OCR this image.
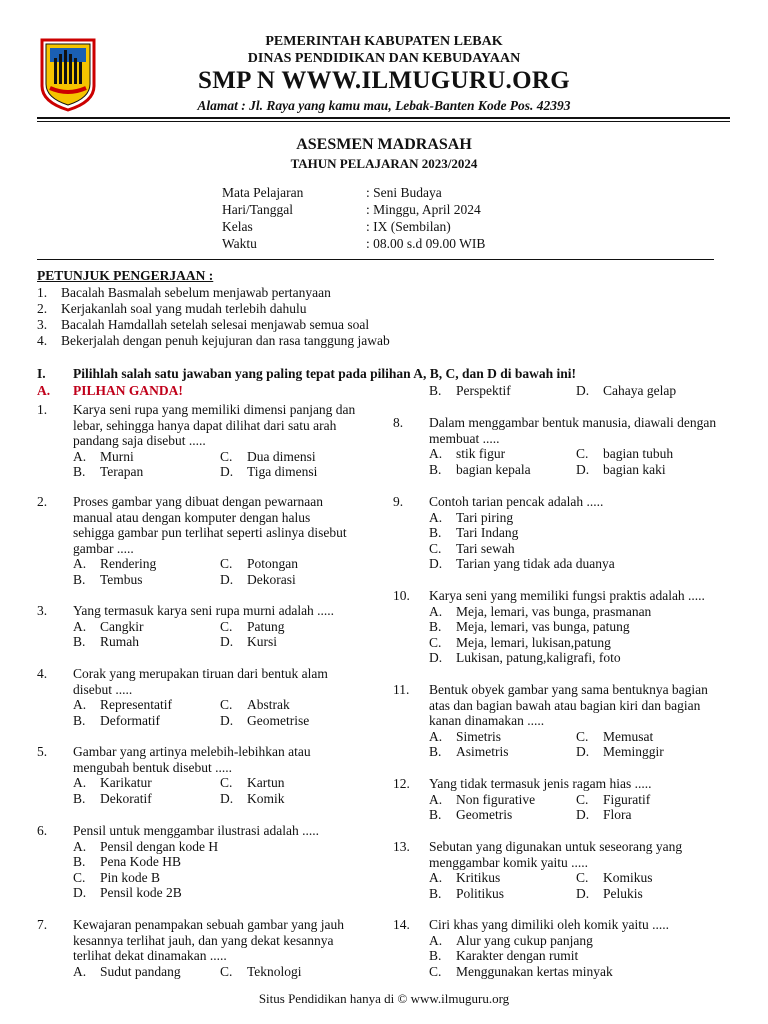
PEMERINTAH KABUPATEN LEBAK
DINAS PENDIDIKAN DAN KEBUDAYAAN
SMP N WWW.ILMUGURU.ORG
Alamat : Jl. Raya yang kamu mau, Lebak-Banten Kode Pos. 42393
ASESMEN MADRASAH
TAHUN PELAJARAN 2023/2024
Mata Pelajaran	: Seni Budaya
Hari/Tanggal	: Minggu, April 2024
Kelas	: IX (Sembilan)
Waktu	: 08.00 s.d 09.00 WIB
PETUNJUK PENGERJAAN :
1.	Bacalah Basmalah sebelum menjawab pertanyaan
2.	Kerjakanlah soal yang mudah terlebih dahulu
3.	Bacalah Hamdallah setelah selesai menjawab semua soal
4.	Bekerjalah dengan penuh kejujuran dan rasa tanggung jawab
I.	Pilihlah salah satu jawaban yang paling tepat pada pilihan A, B, C, dan D di bawah ini!
A.	PILHAN GANDA!
1.	Karya seni rupa yang memiliki dimensi panjang dan lebar, sehingga hanya dapat dilihat dari satu arah pandang saja disebut .....
A.	Murni	C.	Dua dimensi
B.	Terapan	D.	Tiga dimensi
2.	Proses gambar yang dibuat dengan pewarnaan manual atau dengan komputer dengan halus sehigga gambar pun terlihat seperti aslinya disebut gambar .....
A.	Rendering	C.	Potongan
B.	Tembus	D.	Dekorasi
3.	Yang termasuk karya seni rupa murni adalah .....
A.	Cangkir	C.	Patung
B.	Rumah	D.	Kursi
4.	Corak yang merupakan tiruan dari bentuk alam disebut .....
A.	Representatif	C.	Abstrak
B.	Deformatif	D.	Geometrise
5.	Gambar yang artinya melebih-lebihkan atau mengubah bentuk disebut .....
A.	Karikatur	C.	Kartun
B.	Dekoratif	D.	Komik
6.	Pensil untuk menggambar ilustrasi adalah .....
A.	Pensil dengan kode H
B.	Pena Kode HB
C.	Pin kode B
D.	Pensil kode 2B
7.	Kewajaran penampakan sebuah gambar yang jauh kesannya terlihat jauh, dan yang dekat kesannya terlihat dekat dinamakan .....
A.	Sudut pandang	C.	Teknologi
B.	Perspektif	D.	Cahaya gelap
8.	Dalam menggambar bentuk manusia, diawali dengan membuat .....
A.	stik figur	C.	bagian tubuh
B.	bagian kepala	D.	bagian kaki
9.	Contoh tarian pencak adalah .....
A.	Tari piring
B.	Tari Indang
C.	Tari sewah
D.	Tarian yang tidak ada duanya
10.	Karya seni yang memiliki fungsi praktis adalah .....
A.	Meja, lemari, vas bunga, prasmanan
B.	Meja, lemari, vas bunga, patung
C.	Meja, lemari, lukisan,patung
D.	Lukisan, patung,kaligrafi, foto
11.	Bentuk obyek gambar yang sama bentuknya bagian atas dan bagian bawah atau bagian kiri dan bagian kanan dinamakan .....
A.	Simetris	C.	Memusat
B.	Asimetris	D.	Meminggir
12.	Yang tidak termasuk jenis ragam hias .....
A.	Non figurative	C.	Figuratif
B.	Geometris	D.	Flora
13.	Sebutan yang digunakan untuk seseorang yang menggambar komik yaitu .....
A.	Kritikus	C.	Komikus
B.	Politikus	D.	Pelukis
14.	Ciri khas yang dimiliki oleh komik yaitu .....
A.	Alur yang cukup panjang
B.	Karakter dengan rumit
C.	Menggunakan kertas minyak
Situs Pendidikan hanya di © www.ilmuguru.org
